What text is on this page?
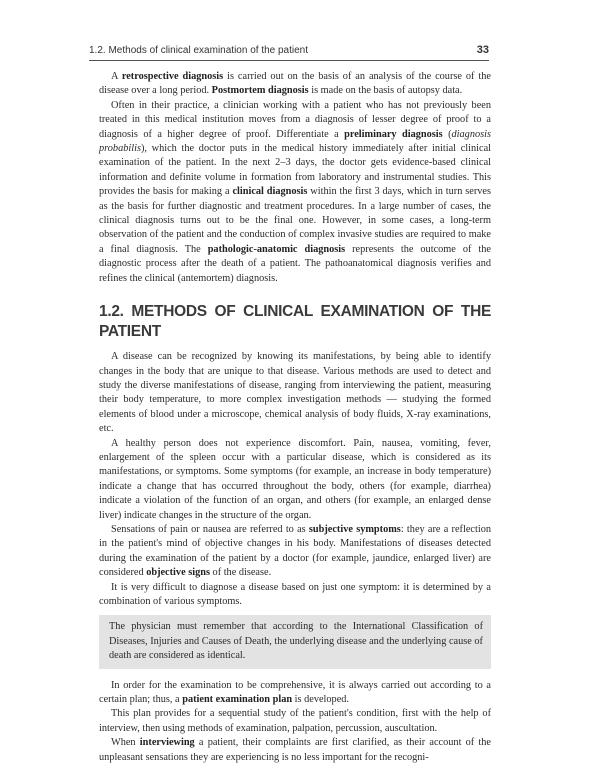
1.2. Methods of clinical examination of the patient	33

A retrospective diagnosis is carried out on the basis of an analysis of the course of the disease over a long period. Postmortem diagnosis is made on the basis of autopsy data.

Often in their practice, a clinician working with a patient who has not previously been treated in this medical institution moves from a diagnosis of lesser degree of proof to a diagnosis of a higher degree of proof. Differentiate a preliminary diagnosis (diagnosis probabilis), which the doctor puts in the medical history immediately after initial clinical examination of the patient. In the next 2–3 days, the doctor gets evidence-based clinical information and definite volume in formation from laboratory and instrumental studies. This provides the basis for making a clinical diagnosis within the first 3 days, which in turn serves as the basis for further diagnostic and treatment procedures. In a large number of cases, the clinical diagnosis turns out to be the final one. However, in some cases, a long-term observation of the patient and the conduction of complex invasive studies are required to make a final diagnosis. The pathologic-anatomic diagnosis represents the outcome of the diagnostic process after the death of a patient. The pathoanatomical diagnosis verifies and refines the clinical (antemortem) diagnosis.

1.2. METHODS OF CLINICAL EXAMINATION OF THE PATIENT

A disease can be recognized by knowing its manifestations, by being able to identify changes in the body that are unique to that disease. Various methods are used to detect and study the diverse manifestations of disease, ranging from interviewing the patient, measuring their body temperature, to more complex investigation methods — studying the formed elements of blood under a microscope, chemical analysis of body fluids, X-ray examinations, etc.

A healthy person does not experience discomfort. Pain, nausea, vomiting, fever, enlargement of the spleen occur with a particular disease, which is considered as its manifestations, or symptoms. Some symptoms (for example, an increase in body temperature) indicate a change that has occurred throughout the body, others (for example, diarrhea) indicate a violation of the function of an organ, and others (for example, an enlarged dense liver) indicate changes in the structure of the organ.

Sensations of pain or nausea are referred to as subjective symptoms: they are a reflection in the patient's mind of objective changes in his body. Manifestations of diseases detected during the examination of the patient by a doctor (for example, jaundice, enlarged liver) are considered objective signs of the disease.

It is very difficult to diagnose a disease based on just one symptom: it is determined by a combination of various symptoms.

The physician must remember that according to the International Classification of Diseases, Injuries and Causes of Death, the underlying disease and the underlying cause of death are considered as identical.

In order for the examination to be comprehensive, it is always carried out according to a certain plan; thus, a patient examination plan is developed.

This plan provides for a sequential study of the patient's condition, first with the help of interview, then using methods of examination, palpation, percussion, auscultation.

When interviewing a patient, their complaints are first clarified, as their account of the unpleasant sensations they are experiencing is no less important for the recogni-
